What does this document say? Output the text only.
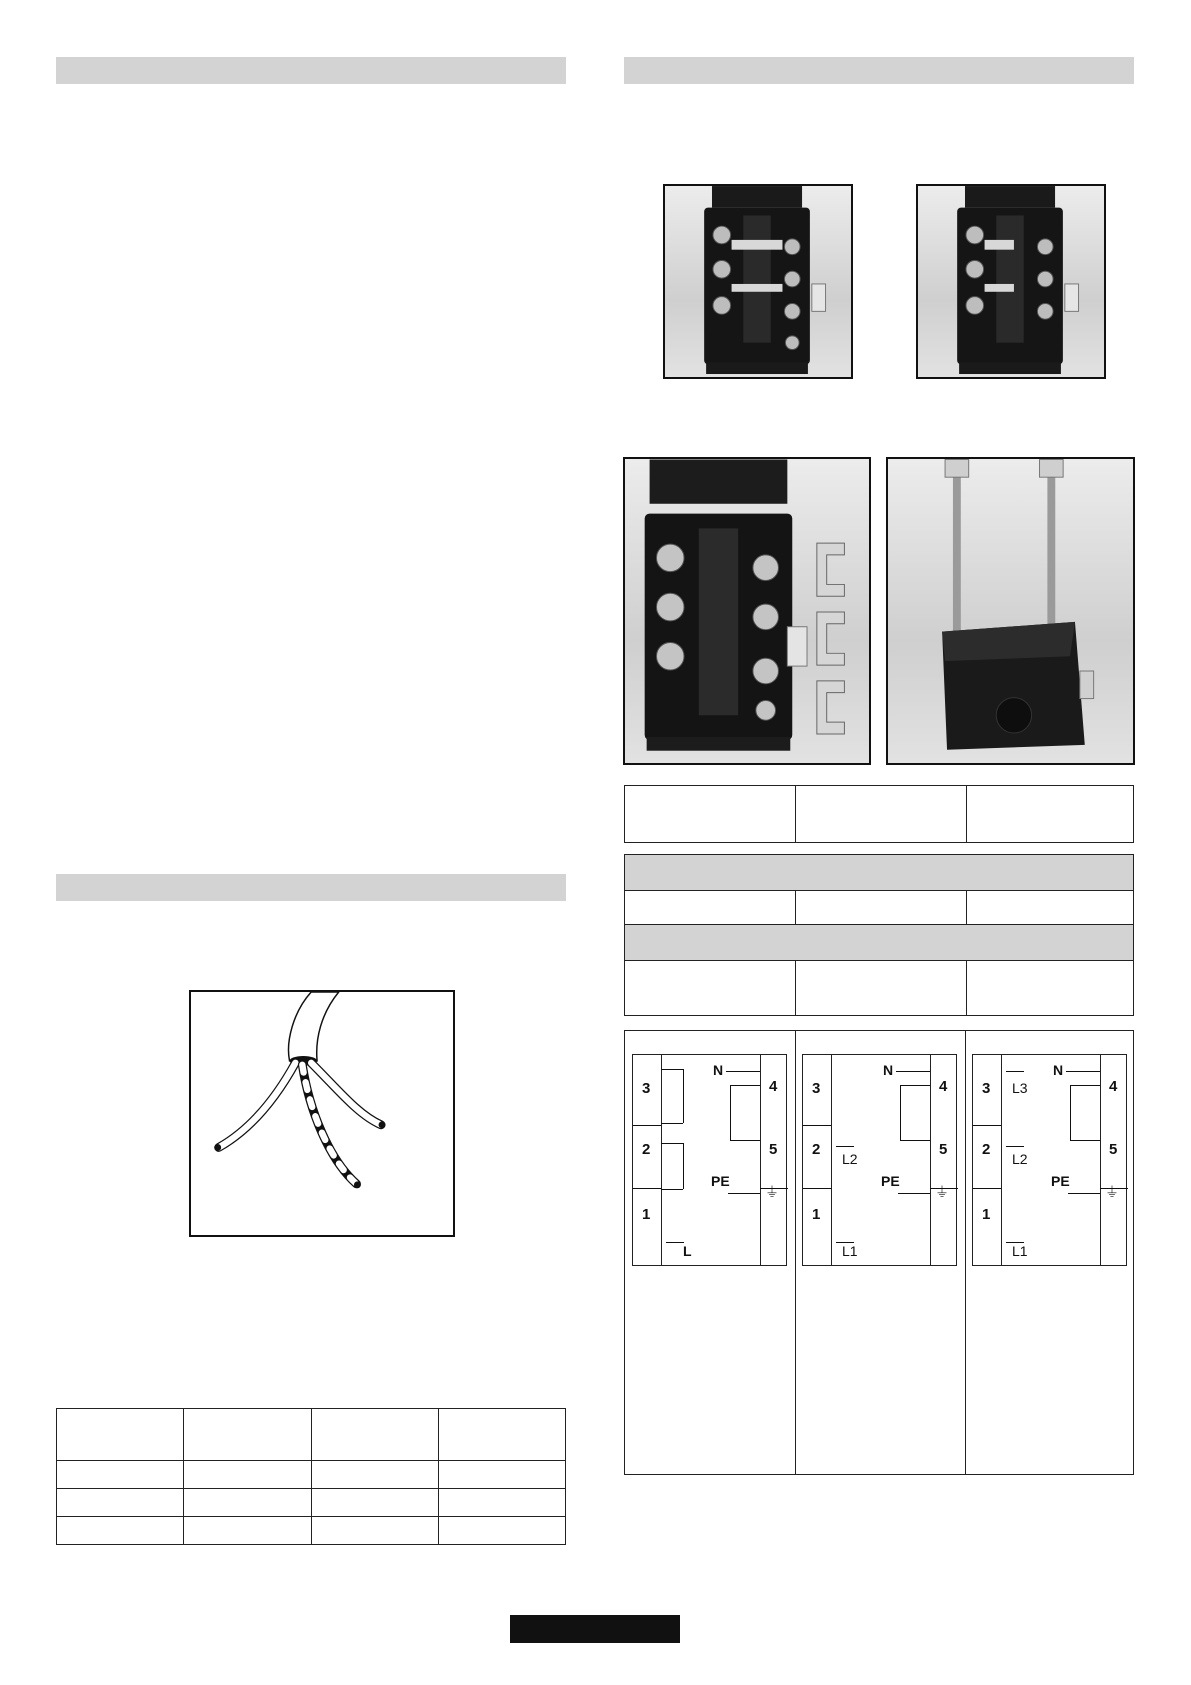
3
2
1
4
5
N
PE
L
⏚
3
2
1
4
5
N
PE
L2
L1
⏚
3
2
1
4
5
N
PE
L3
L2
L1
⏚
